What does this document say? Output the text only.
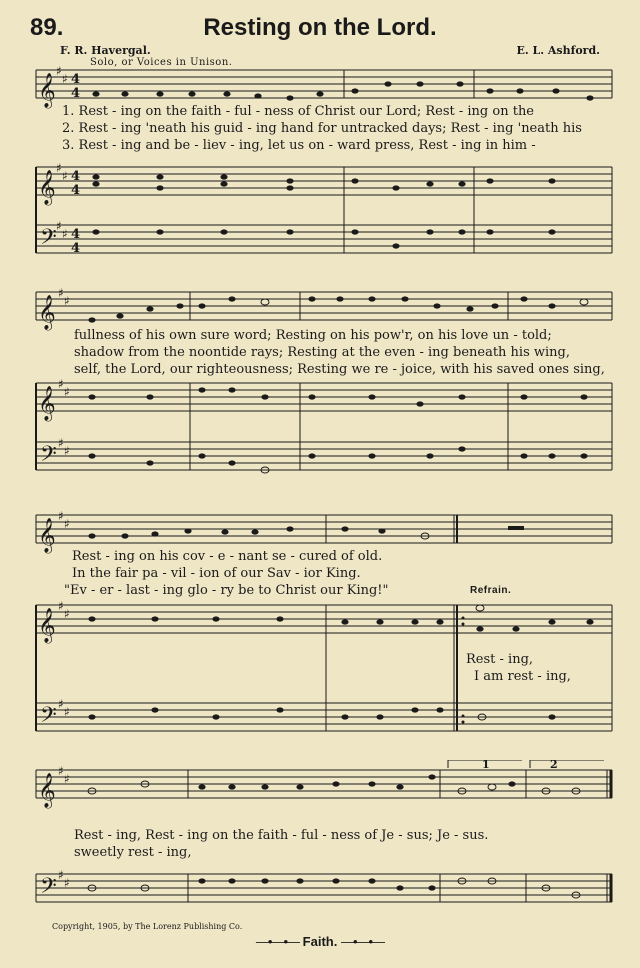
89.	Resting on the Lord.
F. R. Havergal.	E. L. Ashford.
Solo, or Voices in Unison.
𝄞
𝄞
𝄢
4
4
4
4
4
4
♯
♯
♯
♯
♯
♯
1. Rest - ing on the faith - ful - ness of Christ our Lord; Rest - ing on the
2. Rest - ing 'neath his guid - ing hand for untracked days; Rest - ing 'neath his
3. Rest - ing and be - liev - ing, let us on - ward press, Rest - ing in him -
𝄞
𝄞
𝄢
♯
♯
♯
♯
♯
♯
fullness of his own sure word; Resting on his pow'r, on his love un - told;
shadow from the noontide rays; Resting at the even - ing beneath his wing,
self, the Lord, our righteousness; Resting we re - joice, with his saved ones sing,
𝄞
𝄞
𝄢
♯
♯
♯
♯
♯
♯
Rest - ing on his cov - e - nant se - cured of old.
In the fair pa - vil - ion of our Sav - ior King.
"Ev - er - last - ing glo - ry be to Christ our King!"	Refrain.
Rest - ing,
I am rest - ing,
𝄞
𝄢
♯
♯
♯
♯
1	2
Rest - ing, Rest - ing on the faith - ful - ness of Je - sus; Je - sus.
sweetly rest - ing,
Copyright, 1905, by The Lorenz Publishing Co.
—•—•— Faith. —•—•—
